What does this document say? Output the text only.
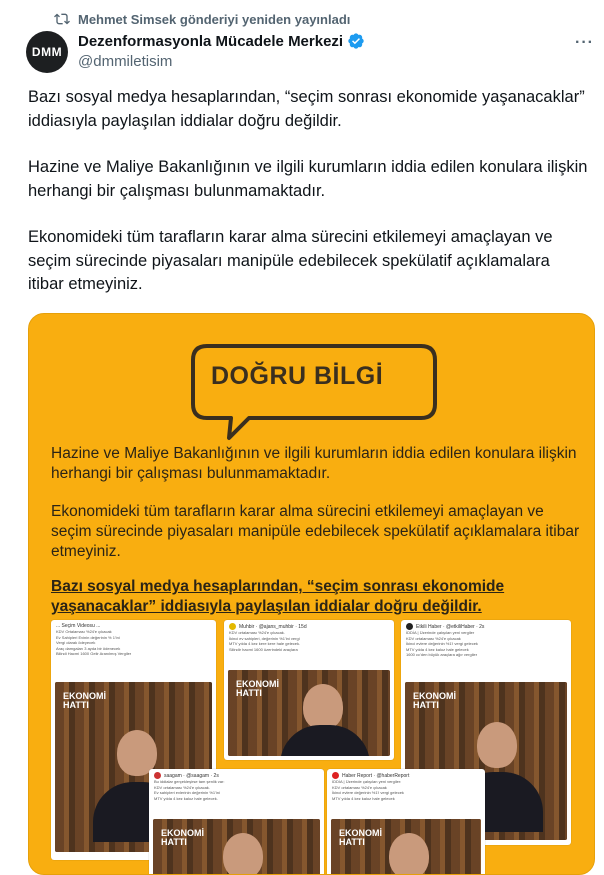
Mehmet Simsek gönderiyi yeniden yayınladı
DMM
Dezenformasyonla Mücadele Merkezi
@dmmiletisim
···

Bazı sosyal medya hesaplarından, “seçim sonrası ekonomide yaşanacaklar” iddiasıyla paylaşılan iddialar doğru değildir.

Hazine ve Maliye Bakanlığının ve ilgili kurumların iddia edilen konulara ilişkin herhangi bir çalışması bulunmamaktadır.

Ekonomideki tüm tarafların karar alma sürecini etkilemeyi amaçlayan ve seçim sürecinde piyasaları manipüle edebilecek spekülatif açıklamalara itibar etmeyiniz.

DOĞRU BİLGİ
Hazine ve Maliye Bakanlığının ve ilgili kurumların iddia edilen konulara ilişkin herhangi bir çalışması bulunmamaktadır.
Ekonomideki tüm tarafların karar alma sürecini etkilemeyi amaçlayan ve seçim sürecinde piyasaları manipüle edebilecek spekülatif açıklamalara itibar etmeyiniz.
Bazı sosyal medya hesaplarından, “seçim sonrası ekonomide yaşanacaklar” iddiasıyla paylaşılan iddialar doğru değildir.
... Seçim Videosu ...
KDV Ortalaması %24'e çıkacak
Ev Sahipleri Evinin değerinin % 1'ini
Vergi olarak ödeyecek
Araç damgaları 3 ayda bir ödenecek
Bilindi Hacmi 1600 Gelir Aranılmış Vergiler
EKONOMİ HATTI
Muhbir · @ajans_muhbir · 15d
KDV ortalaması %24'e çıkacak.
İkinci ev sahipleri, değerinin %1'ini vergi
MTV yılda 4 kez kere kere hale gelecek.
Silindir hacmi 1600 üzerindeki araçlara
EKONOMİ HATTI
Etkili Haber · @etkiliHaber · 2s
İDDİA | Üzerinde çalışılan yeni vergiler
KDV ortalaması %24'e çıkacak
İkinci evlere değerinin %1'i vergi gelecek
MTV yılda 4 kez kaloz hale gelecek
1600 cc'den büyük araçlara ağır vergiler
EKONOMİ HATTI
saagam · @saagam · 2s
Bu iddialar gerçekleşirse tam şenlik var:
KDV ortalaması %24'e çıkacak.
Ev sahipleri evlerinin değerinin %1'ini
MTV yılda 4 kez kaloz hale gelecek.
EKONOMİ HATTI
Haber Report · @haberReport
İDDİA | Üzerinde çalışılan yeni vergiler:
KDV ortalaması %24'e çıkacak
İkinci evlere değerinin %1'i vergi gelecek
MTV yılda 4 kez kaloz hale gelecek
EKONOMİ HATTI
